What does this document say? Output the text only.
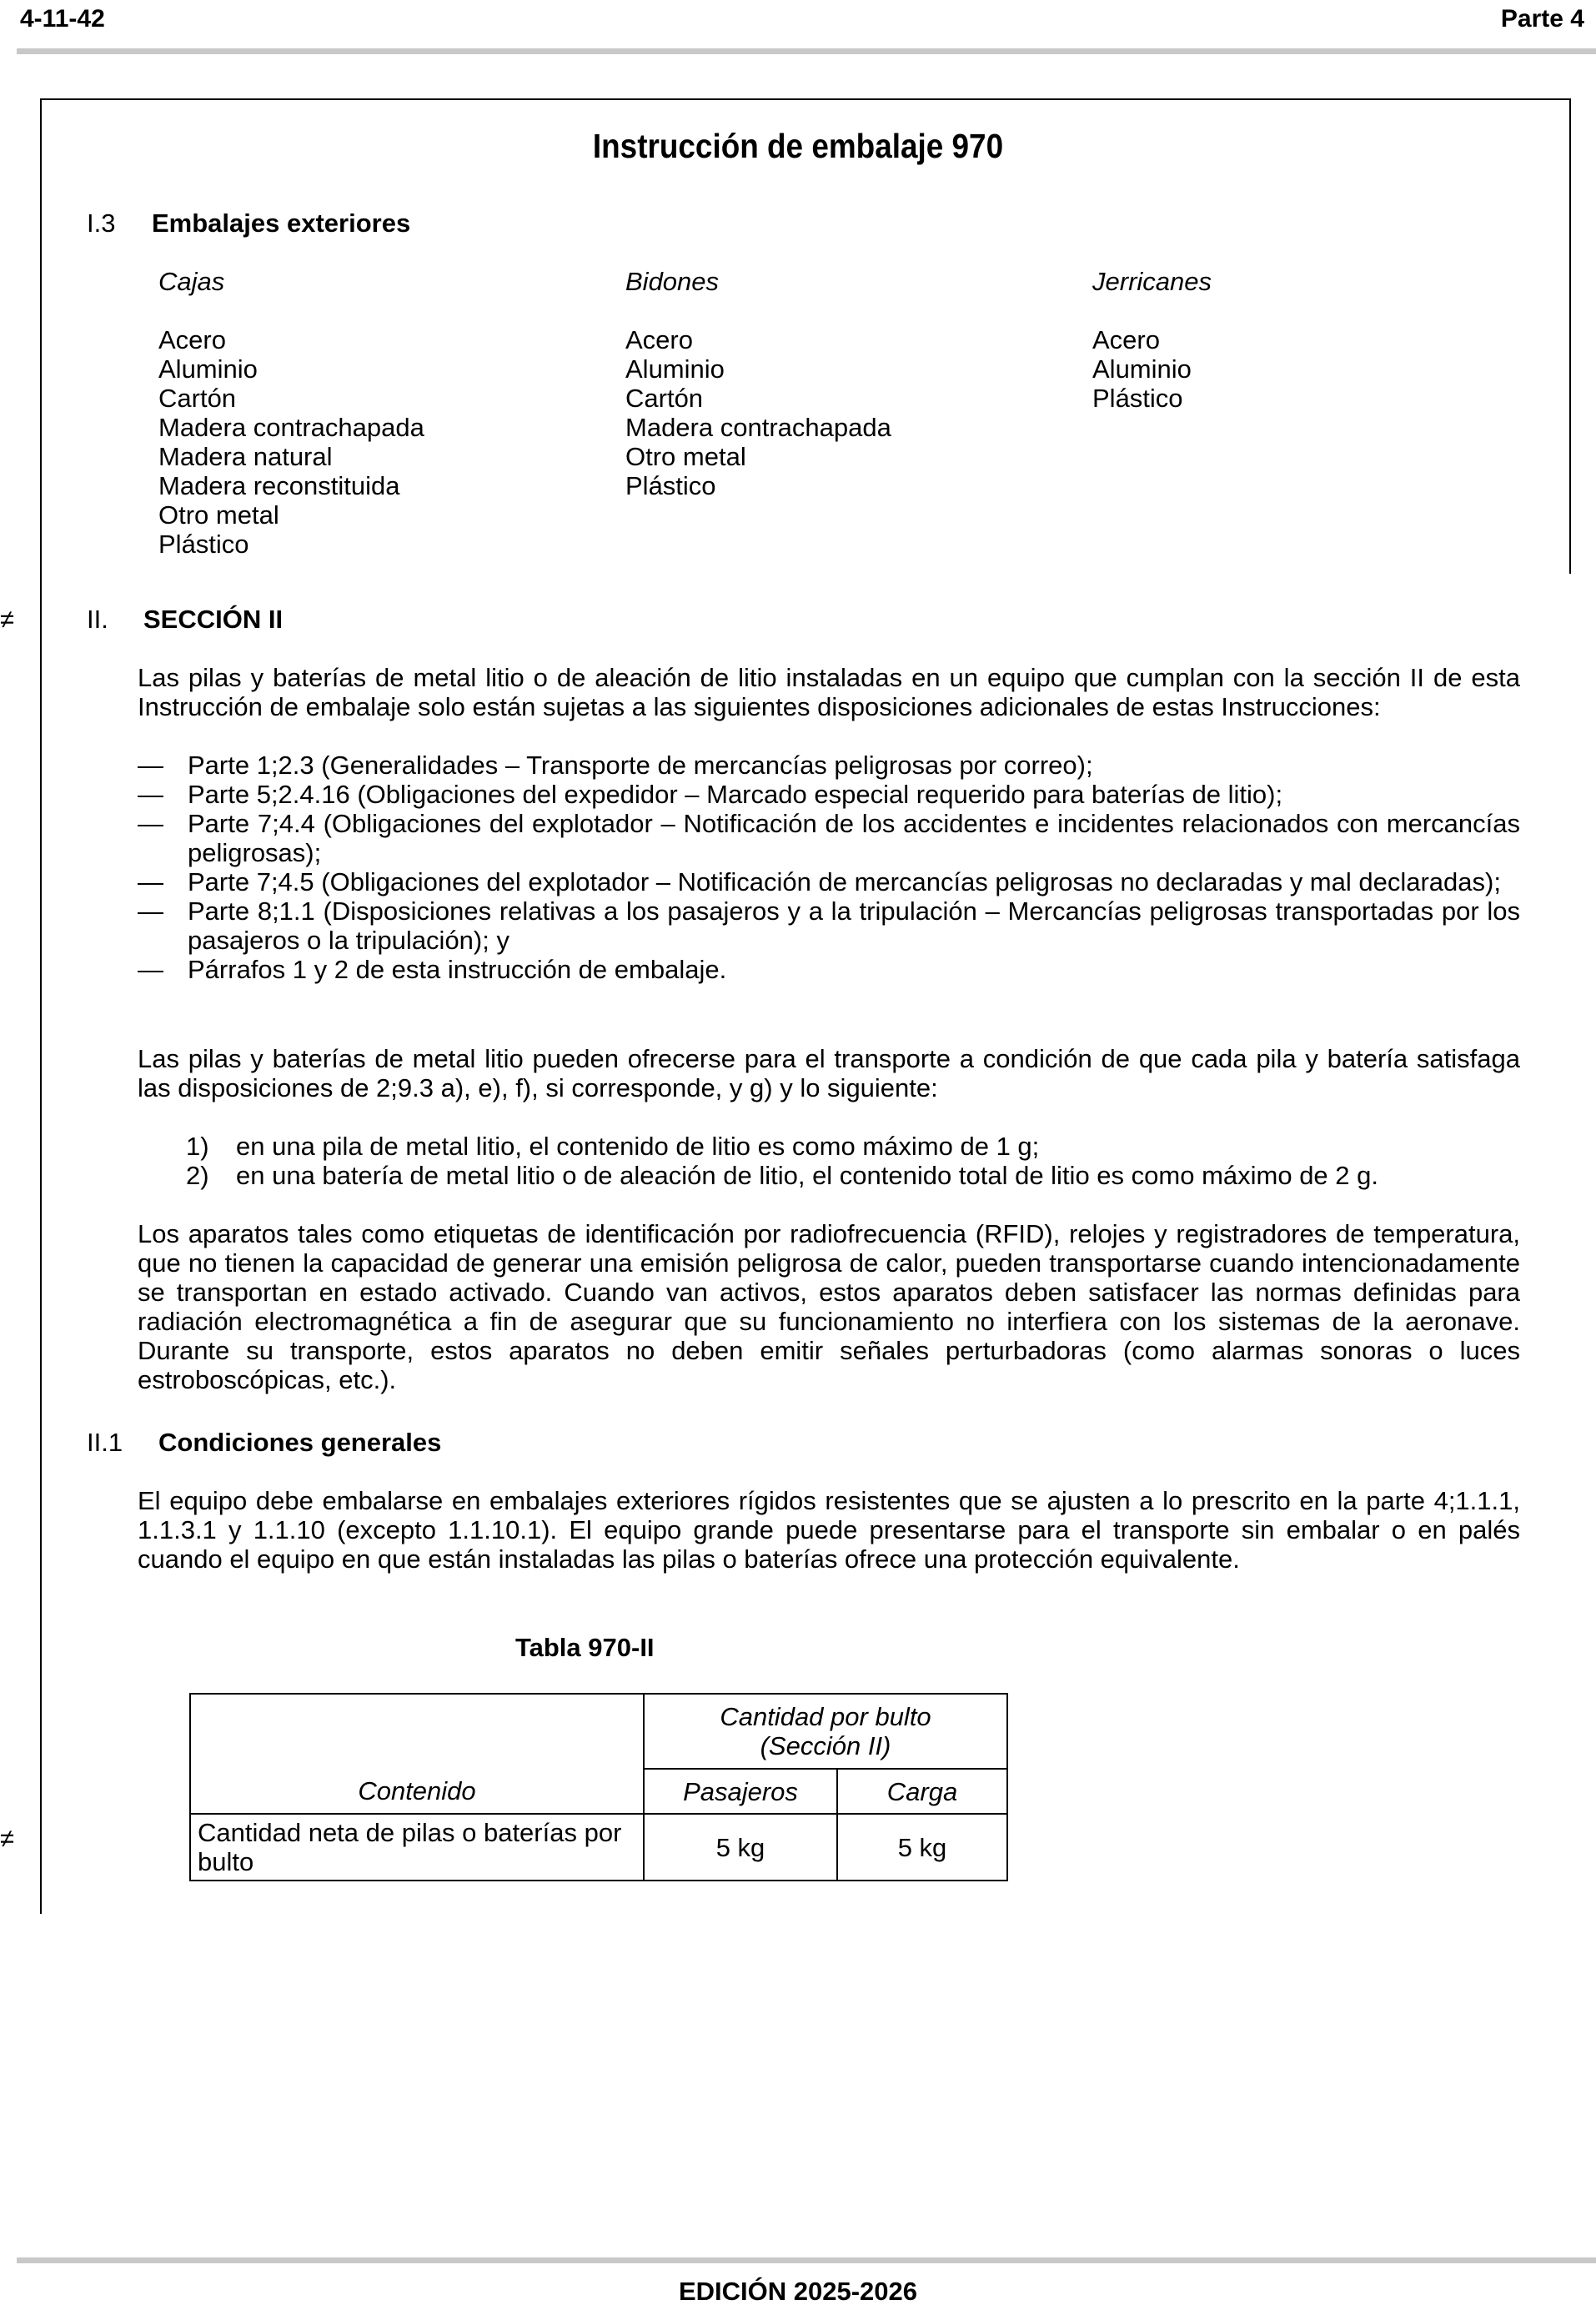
4-11-42	Parte 4
Instrucción de embalaje 970
I.3 Embalajes exteriores
Cajas
Acero
Aluminio
Cartón
Madera contrachapada
Madera natural
Madera reconstituida
Otro metal
Plástico
Bidones
Acero
Aluminio
Cartón
Madera contrachapada
Otro metal
Plástico
Jerricanes
Acero
Aluminio
Plástico
≠	II. SECCIÓN II
Las pilas y baterías de metal litio o de aleación de litio instaladas en un equipo que cumplan con la sección II de esta Instrucción de embalaje solo están sujetas a las siguientes disposiciones adicionales de estas Instrucciones:
— Parte 1;2.3 (Generalidades – Transporte de mercancías peligrosas por correo);
— Parte 5;2.4.16 (Obligaciones del expedidor – Marcado especial requerido para baterías de litio);
— Parte 7;4.4 (Obligaciones del explotador – Notificación de los accidentes e incidentes relacionados con mercancías peligrosas);
— Parte 7;4.5 (Obligaciones del explotador – Notificación de mercancías peligrosas no declaradas y mal declaradas);
— Parte 8;1.1 (Disposiciones relativas a los pasajeros y a la tripulación – Mercancías peligrosas transportadas por los pasajeros o la tripulación); y
— Párrafos 1 y 2 de esta instrucción de embalaje.
Las pilas y baterías de metal litio pueden ofrecerse para el transporte a condición de que cada pila y batería satisfaga las disposiciones de 2;9.3 a), e), f), si corresponde, y g) y lo siguiente:
1) en una pila de metal litio, el contenido de litio es como máximo de 1 g;
2) en una batería de metal litio o de aleación de litio, el contenido total de litio es como máximo de 2 g.
Los aparatos tales como etiquetas de identificación por radiofrecuencia (RFID), relojes y registradores de temperatura, que no tienen la capacidad de generar una emisión peligrosa de calor, pueden transportarse cuando intencionadamente se transportan en estado activado. Cuando van activos, estos aparatos deben satisfacer las normas definidas para radiación electromagnética a fin de asegurar que su funcionamiento no interfiera con los sistemas de la aeronave. Durante su transporte, estos aparatos no deben emitir señales perturbadoras (como alarmas sonoras o luces estroboscópicas, etc.).
II.1 Condiciones generales
El equipo debe embalarse en embalajes exteriores rígidos resistentes que se ajusten a lo prescrito en la parte 4;1.1.1, 1.1.3.1 y 1.1.10 (excepto 1.1.10.1). El equipo grande puede presentarse para el transporte sin embalar o en palés cuando el equipo en que están instaladas las pilas o baterías ofrece una protección equivalente.
Tabla 970-II

	Cantidad por bulto
(Sección II)	

Contenido	Pasajeros	Carga
Cantidad neta de pilas o baterías por bulto	5 kg	5 kg
≠
EDICIÓN 2025-2026
